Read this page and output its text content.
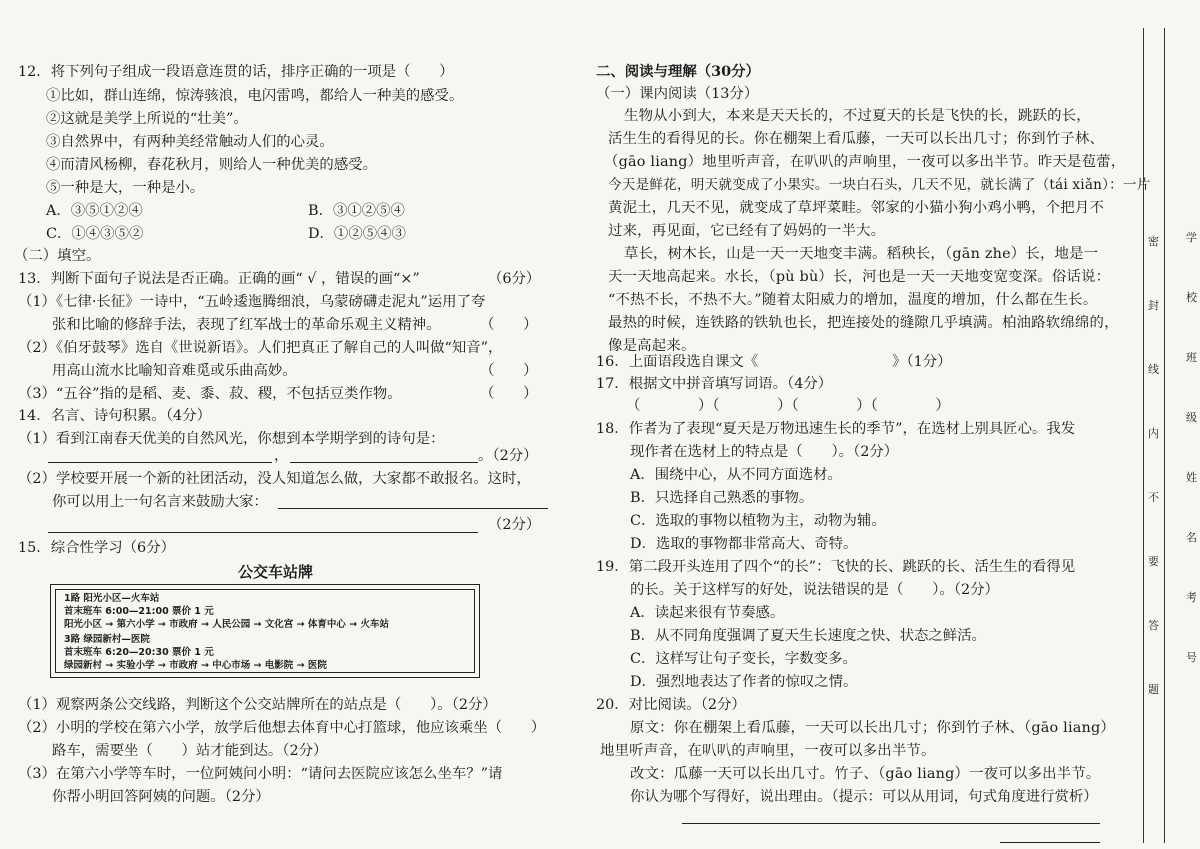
12．将下列句子组成一段语意连贯的话，排序正确的一项是（　　）
①比如，群山连绵，惊涛骇浪，电闪雷鸣，都给人一种美的感受。
②这就是美学上所说的“壮美”。
③自然界中，有两种美经常触动人们的心灵。
④而清风杨柳，春花秋月，则给人一种优美的感受。
⑤一种是大，一种是小。
A．③⑤①②④	B．③①②⑤④
C．①④③⑤②	D．①②⑤④③
（二）填空。
13．判断下面句子说法是否正确。正确的画“ √ ，错误的画“×”	（6分）
（1）《七律·长征》一诗中，“五岭逶迤腾细浪，乌蒙磅礴走泥丸”运用了夸
张和比喻的修辞手法，表现了红军战士的革命乐观主义精神。	（　　）
（2）《伯牙鼓琴》选自《世说新语》。人们把真正了解自己的人叫做“知音”，
用高山流水比喻知音难觅或乐曲高妙。	（　　）
（3）“五谷”指的是稻、麦、黍、菽、稷，不包括豆类作物。	（　　）
14．名言、诗句积累。（4分）
（1）看到江南春天优美的自然风光，你想到本学期学到的诗句是：
，	。（2分）
（2）学校要开展一个新的社团活动，没人知道怎么做，大家都不敢报名。这时，
你可以用上一句名言来鼓励大家：
（2分）
15．综合性学习（6分）
公交车站牌
1路 阳光小区—火车站
首末班车 6:00—21:00 票价 1 元
阳光小区 → 第六小学 → 市政府 → 人民公园 → 文化宫 → 体育中心 → 火车站
3路 绿园新村—医院
首末班车 6:20—20:30 票价 1 元
绿园新村 → 实验小学 → 市政府 → 中心市场 → 电影院 → 医院
（1）观察两条公交线路，判断这个公交站牌所在的站点是（　　）。（2分）
（2）小明的学校在第六小学，放学后他想去体育中心打篮球，他应该乘坐（　　）
路车，需要坐（　　）站才能到达。（2分）
（3）在第六小学等车时，一位阿姨问小明：“请问去医院应该怎么坐车？”请
你帮小明回答阿姨的问题。（2分）
二、阅读与理解（30分）
（一）课内阅读（13分）
生物从小到大，本来是天天长的，不过夏天的长是飞快的长，跳跃的长，
活生生的看得见的长。你在棚架上看瓜藤，一天可以长出几寸；你到竹子林、
（gāo liang）地里听声音，在叭叭的声响里，一夜可以多出半节。昨天是苞蕾，
今天是鲜花，明天就变成了小果实。一块白石头，几天不见，就长满了（tái xiǎn）：一片
黄泥土，几天不见，就变成了草坪菜畦。邻家的小猫小狗小鸡小鸭，个把月不
过来，再见面，它已经有了妈妈的一半大。
草长，树木长，山是一天一天地变丰满。稻秧长，（gān zhe）长，地是一
天一天地高起来。水长，（pù bù）长，河也是一天一天地变宽变深。俗话说：
“不热不长，不热不大。”随着太阳威力的增加，温度的增加，什么都在生长。
最热的时候，连铁路的铁轨也长，把连接处的缝隙几乎填满。柏油路软绵绵的，
像是高起来。
16．上面语段选自课文《	》（1分）
17．根据文中拼音填写词语。（4分）
（　　　　）（　　　　）（　　　　）（　　　　）
18．作者为了表现“夏天是万物迅速生长的季节”，在选材上别具匠心。我发
现作者在选材上的特点是（　　）。（2分）
A．围绕中心，从不同方面选材。
B．只选择自己熟悉的事物。
C．选取的事物以植物为主，动物为辅。
D．选取的事物都非常高大、奇特。
19．第二段开头连用了四个“的长”：飞快的长、跳跃的长、活生生的看得见
的长。关于这样写的好处，说法错误的是（　　）。（2分）
A．读起来很有节奏感。
B．从不同角度强调了夏天生长速度之快、状态之鲜活。
C．这样写让句子变长，字数变多。
D．强烈地表达了作者的惊叹之情。
20．对比阅读。（2分）
原文：你在棚架上看瓜藤，一天可以长出几寸；你到竹子林、（gāo liang）
地里听声音，在叭叭的声响里，一夜可以多出半节。
改文：瓜藤一天可以长出几寸。竹子、（gāo liang）一夜可以多出半节。
你认为哪个写得好，说出理由。（提示：可以从用词，句式角度进行赏析）
密
封
线
内
不
要
答
题
学
校
班
级
姓
名
考
号
